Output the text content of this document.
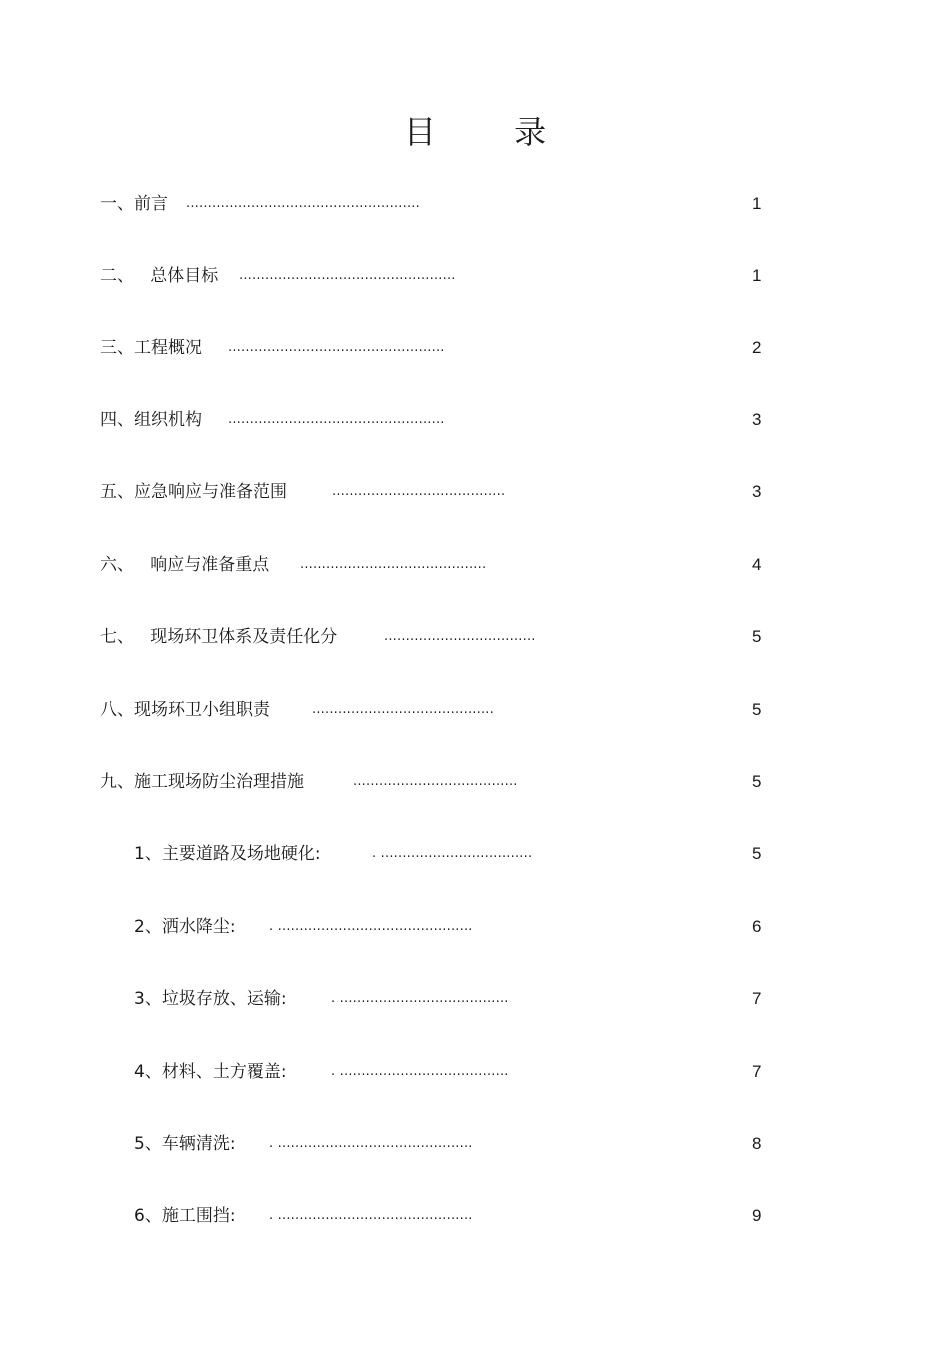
目 录
一、前言 ......................................................	1
二、   总体目标 ..................................................	1
三、工程概况 ..................................................	2
四、组织机构 ..................................................	3
五、应急响应与准备范围	........................................	3
六、   响应与准备重点 ...........................................	4
七、   现场环卫体系及责任化分	...................................	5
八、现场环卫小组职责	..........................................	5
九、施工现场防尘治理措施	......................................	5
1、主要道路及场地硬化:	. ...................................	5
2、洒水降尘:	. .............................................	6
3、垃圾存放、运输:	. .......................................	7
4、材料、土方覆盖:	. .......................................	7
5、车辆清洗:	. .............................................	8
6、施工围挡:	. .............................................	9
